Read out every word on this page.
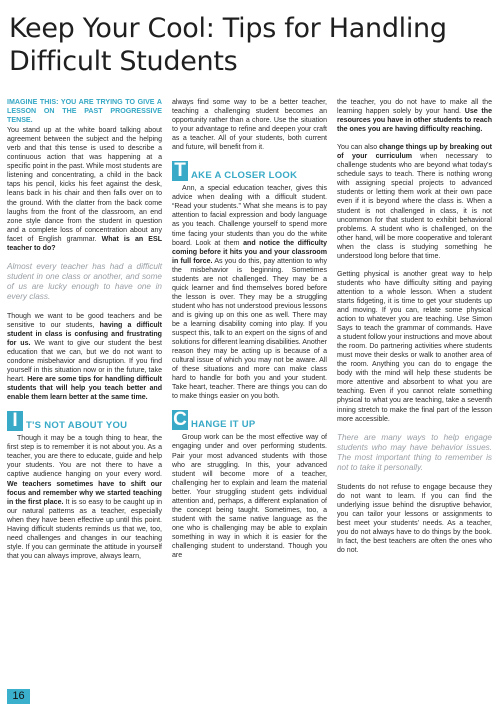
Keep Your Cool: Tips for Handling Difficult Students

IMAGINE THIS: YOU ARE TRYING TO GIVE A LESSON ON THE PAST PROGRESSIVE TENSE.

You stand up at the white board talking about agreement between the subject and the helping verb and that this tense is used to describe a continuous action that was happening at a specific point in the past. While most students are listening and concentrating, a child in the back taps his pencil, kicks his feet against the desk, leans back in his chair and then falls over on to the ground. With the clatter from the back come laughs from the front of the classroom, an end zone style dance from the student in question and a complete loss of concentration about any facet of English grammar. What is an ESL teacher to do?

Almost every teacher has had a difficult student in one class or another, and some of us are lucky enough to have one in every class.

Though we want to be good teachers and be sensitive to our students, having a difficult student in class is confusing and frustrating for us. We want to give our student the best education that we can, but we do not want to condone misbehavior and disruption. If you find yourself in this situation now or in the future, take heart. Here are some tips for handling difficult students that will help you teach better and enable them learn better at the same time.

I T'S NOT ABOUT YOU

Though it may be a tough thing to hear, the first step is to remember it is not about you. As a teacher, you are there to educate, guide and help your students. You are not there to have a captive audience hanging on your every word. We teachers sometimes have to shift our focus and remember why we started teaching in the first place. It is so easy to be caught up in our natural patterns as a teacher, especially when they have been effective up until this point. Having difficult students reminds us that we, too, need challenges and changes in our teaching style. If you can germinate the attitude in yourself that you can always improve, always learn,

always find some way to be a better teacher, teaching a challenging student becomes an opportunity rather than a chore. Use the situation to your advantage to refine and deepen your craft as a teacher. All of your students, both current and future, will benefit from it.

T AKE A CLOSER LOOK

Ann, a special education teacher, gives this advice when dealing with a difficult student. “Read your students.” What she means is to pay attention to facial expression and body language as you teach. Challenge yourself to spend more time facing your students than you do the white board. Look at them and notice the difficulty coming before it hits you and your classroom in full force. As you do this, pay attention to why the misbehavior is beginning. Sometimes students are not challenged. They may be a quick learner and find themselves bored before the lesson is over. They may be a struggling student who has not understood previous lessons and is giving up on this one as well. There may be a learning disability coming into play. If you suspect this, talk to an expert on the signs of and solutions for different learning disabilities. Another reason they may be acting up is because of a cultural issue of which you may not be aware. All of these situations and more can make class hard to handle for both you and your student. Take heart, teacher. There are things you can do to make things easier on you both.

C HANGE IT UP

Group work can be the most effective way of engaging under and over performing students. Pair your most advanced students with those who are struggling. In this, your advanced student will become more of a teacher, challenging her to explain and learn the material better. Your struggling student gets individual attention and, perhaps, a different explanation of the concept being taught. Sometimes, too, a student with the same native language as the one who is challenging may be able to explain something in way in which it is easier for the challenging student to understand. Though you are

the teacher, you do not have to make all the learning happen solely by your hand. Use the resources you have in other students to reach the ones you are having difficulty reaching.

You can also change things up by breaking out of your curriculum when necessary to challenge students who are beyond what today's schedule says to teach. There is nothing wrong with assigning special projects to advanced students or letting them work at their own pace even if it is beyond where the class is. When a student is not challenged in class, it is not uncommon for that student to exhibit behavioral problems. A student who is challenged, on the other hand, will be more cooperative and tolerant when the class is studying something he understood long before that time.

Getting physical is another great way to help students who have difficulty sitting and paying attention to a whole lesson. When a student starts fidgeting, it is time to get your students up and moving. If you can, relate some physical action to whatever you are teaching. Use Simon Says to teach the grammar of commands. Have a student follow your instructions and move about the room. Do partnering activities where students must move their desks or walk to another area of the room. Anything you can do to engage the body with the mind will help these students be more attentive and absorbent to what you are teaching. Even if you cannot relate something physical to what you are teaching, take a seventh inning stretch to make the final part of the lesson more accessible.

There are many ways to help engage students who may have behavior issues. The most important thing to remember is not to take it personally.

Students do not refuse to engage because they do not want to learn. If you can find the underlying issue behind the disruptive behavior, you can tailor your lessons or assignments to best meet your students' needs. As a teacher, you do not always have to do things by the book. In fact, the best teachers are often the ones who do not.

16
